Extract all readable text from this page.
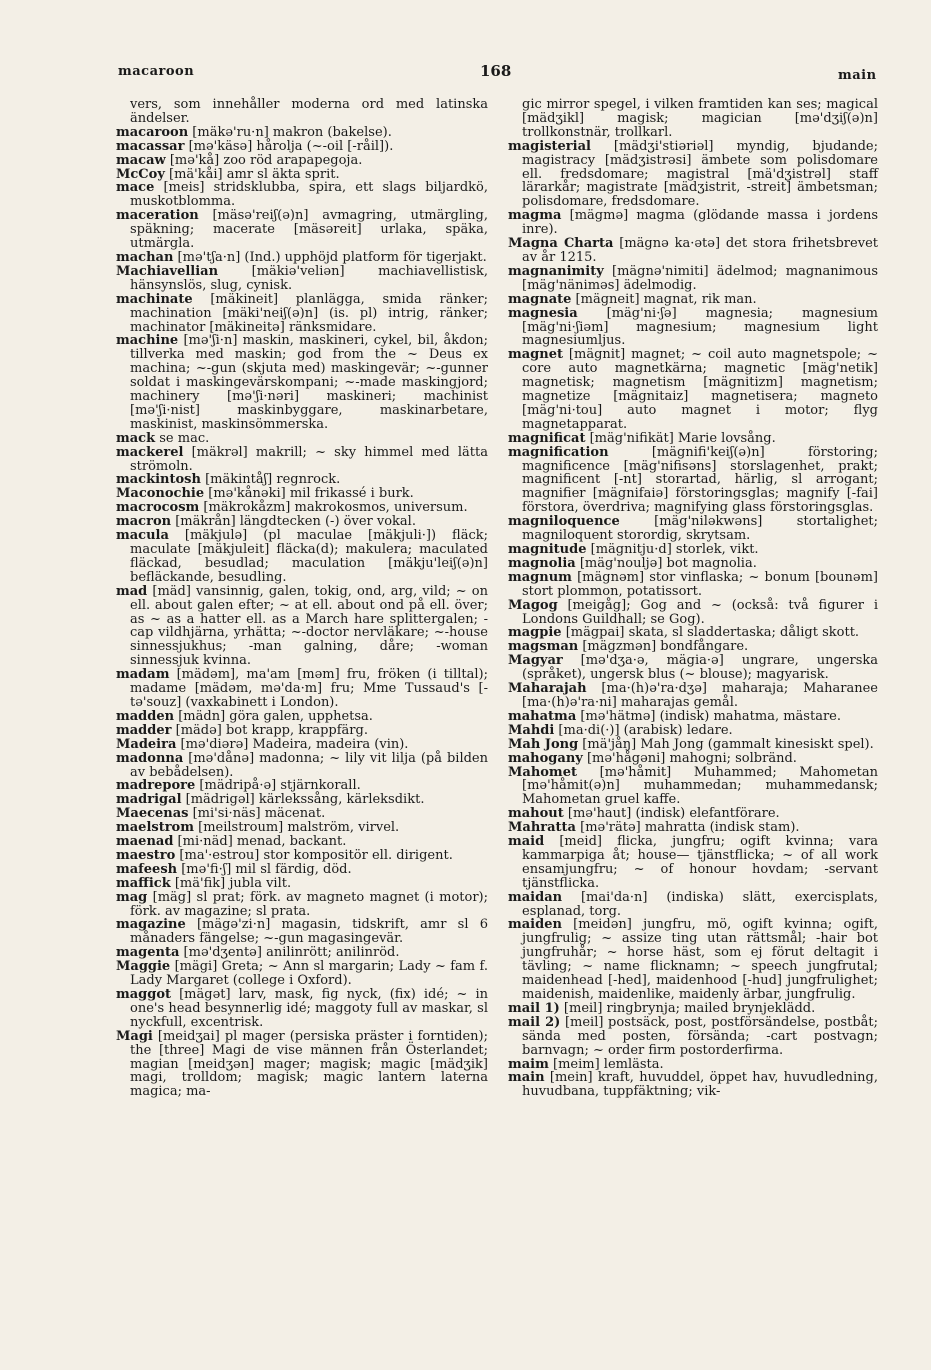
macaroon	168	main

vers, som innehåller moderna ord med latinska ändelser.

macaroon [mäkə'ru·n] makron (bakelse).

macassar [mə'käsə] hårolja (~-oil [-råil]).

macaw [mə'kå] zoo röd arapapegoja.

McCoy [mä'kåi] amr sl äkta sprit.

mace [meis] stridsklubba, spira, ett slags biljardkö, muskotblomma.

maceration [mäsə'reiʃ(ə)n] avmagring, utmärgling, späkning; macerate [mäsəreit] urlaka, späka, utmärgla.

machan [mə'tʃa·n] (Ind.) upphöjd platform för tigerjakt.

Machiavellian [mäkiə'veliən] machiavellistisk, hänsynslös, slug, cynisk.

machinate [mäkineit] planlägga, smida ränker; machination [mäki'neiʃ(ə)n] (is. pl) intrig, ränker; machinator [mäkineitə] ränksmidare.

machine [mə'ʃi·n] maskin, maskineri, cykel, bil, åkdon; tillverka med maskin; god from the ~ Deus ex machina; ~-gun (skjuta med) maskingevär; ~-gunner soldat i maskingevärskompani; ~-made maskingjord; machinery [mə'ʃi·nəri] maskineri; machinist [mə'ʃi·nist] maskinbyggare, maskinarbetare, maskinist, maskinsömmerska.

mack se mac.

mackerel [mäkrəl] makrill; ~ sky himmel med lätta strömoln.

mackintosh [mäkintåʃ] regnrock.

Maconochie [mə'kånəki] mil frikassé i burk.

macrocosm [mäkrokåzm] makrokosmos, universum.

macron [mäkrån] längdtecken (-) över vokal.

macula [mäkjulə] (pl maculae [mäkjuli·]) fläck; maculate [mäkjuleit] fläcka(d); makulera; maculated fläckad, besudlad; maculation [mäkju'leiʃ(ə)n] befläckande, besudling.

mad [mäd] vansinnig, galen, tokig, ond, arg, vild; ~ on ell. about galen efter; ~ at ell. about ond på ell. över; as ~ as a hatter ell. as a March hare splittergalen; -cap vildhjärna, yrhätta; ~-doctor nervläkare; ~-house sinnessjukhus; -man galning, dåre; -woman sinnessjuk kvinna.

madam [mädəm], ma'am [məm] fru, fröken (i tilltal); madame [mädəm, mə'da·m] fru; Mme Tussaud's [-tə'souz] (vaxkabinett i London).

madden [mädn] göra galen, upphetsa.

madder [mädə] bot krapp, krappfärg.

Madeira [mə'diərə] Madeira, madeira (vin).

madonna [mə'dånə] madonna; ~ lily vit lilja (på bilden av bebådelsen).

madrepore [mädripå·ə] stjärnkorall.

madrigal [mädrigəl] kärlekssång, kärleksdikt.

Maecenas [mi'si·näs] mäcenat.

maelstrom [meilstroum] malström, virvel.

maenad [mi·näd] menad, backant.

maestro [ma'·estrou] stor kompositör ell. dirigent.

mafeesh [mə'fi·ʃ] mil sl färdig, död.

maffick [mä'fik] jubla vilt.

mag [mäg] sl prat; förk. av magneto magnet (i motor); förk. av magazine; sl prata.

magazine [mägə'zi·n] magasin, tidskrift, amr sl 6 månaders fängelse; ~-gun magasingevär.

magenta [mə'dʒentə] anilinrött; anilinröd.

Maggie [mägi] Greta; ~ Ann sl margarin; Lady ~ fam f. Lady Margaret (college i Oxford).

maggot [mägət] larv, mask, fig nyck, (fix) idé; ~ in one's head besynnerlig idé; maggoty full av maskar, sl nyckfull, excentrisk.

Magi [meidʒai] pl mager (persiska präster i forntiden); the [three] Magi de vise männen från Österlandet; magian [meidʒən] mager; magisk; magic [mädʒik] magi, trolldom; magisk; magic lantern laterna magica; ma-

gic mirror spegel, i vilken framtiden kan ses; magical [mädʒikl] magisk; magician [mə'dʒiʃ(ə)n] trollkonstnär, trollkarl.

magisterial [mädʒi'stiəriəl] myndig, bjudande; magistracy [mädʒistrəsi] ämbete som polisdomare ell. fredsdomare; magistral [mä'dʒistrəl] staff lärarkår; magistrate [mädʒistrit, -streit] ämbetsman; polisdomare, fredsdomare.

magma [mägmə] magma (glödande massa i jordens inre).

Magna Charta [mägnə ka·ətə] det stora frihetsbrevet av år 1215.

magnanimity [mägnə'nimiti] ädelmod; magnanimous [mäg'näniməs] ädelmodig.

magnate [mägneit] magnat, rik man.

magnesia [mäg'ni·ʃə] magnesia; magnesium [mäg'ni·ʃiəm] magnesium; magnesium light magnesiumljus.

magnet [mägnit] magnet; ~ coil auto magnetspole; ~ core auto magnetkärna; magnetic [mäg'netik] magnetisk; magnetism [mägnitizm] magnetism; magnetize [mägnitaiz] magnetisera; magneto [mäg'ni·tou] auto magnet i motor; flyg magnetapparat.

magnificat [mäg'nifikät] Marie lovsång.

magnification [mägnifi'keiʃ(ə)n] förstoring; magnificence [mäg'nifisəns] storslagenhet, prakt; magnificent [-nt] storartad, härlig, sl arrogant; magnifier [mägnifaiə] förstoringsglas; magnify [-fai] förstora, överdriva; magnifying glass förstoringsglas.

magniloquence [mäg'niləkwəns] stortalighet; magniloquent storordig, skrytsam.

magnitude [mägnitju·d] storlek, vikt.

magnolia [mäg'nouljə] bot magnolia.

magnum [mägnəm] stor vinflaska; ~ bonum [bounəm] stort plommon, potatissort.

Magog [meigåg]; Gog and ~ (också: två figurer i Londons Guildhall; se Gog).

magpie [mägpai] skata, sl sladdertaska; dåligt skott.

magsman [mägzmən] bondfångare.

Magyar [mə'dʒa·ə, mägia·ə] ungrare, ungerska (språket), ungersk blus (~ blouse); magyarisk.

Maharajah [ma·(h)ə'ra·dʒə] maharaja; Maharanee [ma·(h)ə'ra·ni] maharajas gemål.

mahatma [mə'hätmə] (indisk) mahatma, mästare.

Mahdi [ma·di(·)] (arabisk) ledare.

Mah Jong [mä'jåŋ] Mah Jong (gammalt kinesiskt spel).

mahogany [mə'hågəni] mahogni; solbränd.

Mahomet [mə'håmit] Muhammed; Mahometan [mə'håmit(ə)n] muhammedan; muhammedansk; Mahometan gruel kaffe.

mahout [mə'haut] (indisk) elefantförare.

Mahratta [mə'rätə] mahratta (indisk stam).

maid [meid] flicka, jungfru; ogift kvinna; vara kammarpiga åt; house— tjänstflicka; ~ of all work ensamjungfru; ~ of honour hovdam; -servant tjänstflicka.

maidan [mai'da·n] (indiska) slätt, exercisplats, esplanad, torg.

maiden [meidən] jungfru, mö, ogift kvinna; ogift, jungfrulig; ~ assize ting utan rättsmål; -hair bot jungfruhår; ~ horse häst, som ej förut deltagit i tävling; ~ name flicknamn; ~ speech jungfrutal; maidenhead [-hed], maidenhood [-hud] jungfrulighet; maidenish, maidenlike, maidenly ärbar, jungfrulig.

mail 1) [meil] ringbrynja; mailed brynjeklädd.

mail 2) [meil] postsäck, post, postförsändelse, postbåt; sända med posten, försända; -cart postvagn; barnvagn; ~ order firm postorderfirma.

maim [meim] lemlästa.

main [mein] kraft, huvuddel, öppet hav, huvudledning, huvudbana, tuppfäktning; vik-
